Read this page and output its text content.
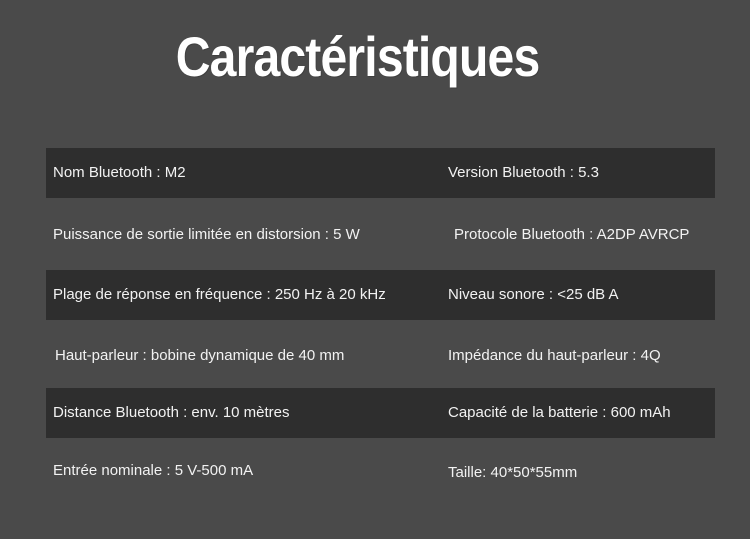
Caractéristiques
Nom Bluetooth : M2	Version Bluetooth : 5.3
Puissance de sortie limitée en distorsion : 5 W	Protocole Bluetooth : A2DP AVRCP
Plage de réponse en fréquence : 250 Hz à 20 kHz	Niveau sonore : <25 dB A
Haut-parleur : bobine dynamique de 40 mm	Impédance du haut-parleur : 4Q
Distance Bluetooth : env. 10 mètres	Capacité de la batterie : 600 mAh
Entrée nominale : 5 V-500 mA	Taille: 40*50*55mm
